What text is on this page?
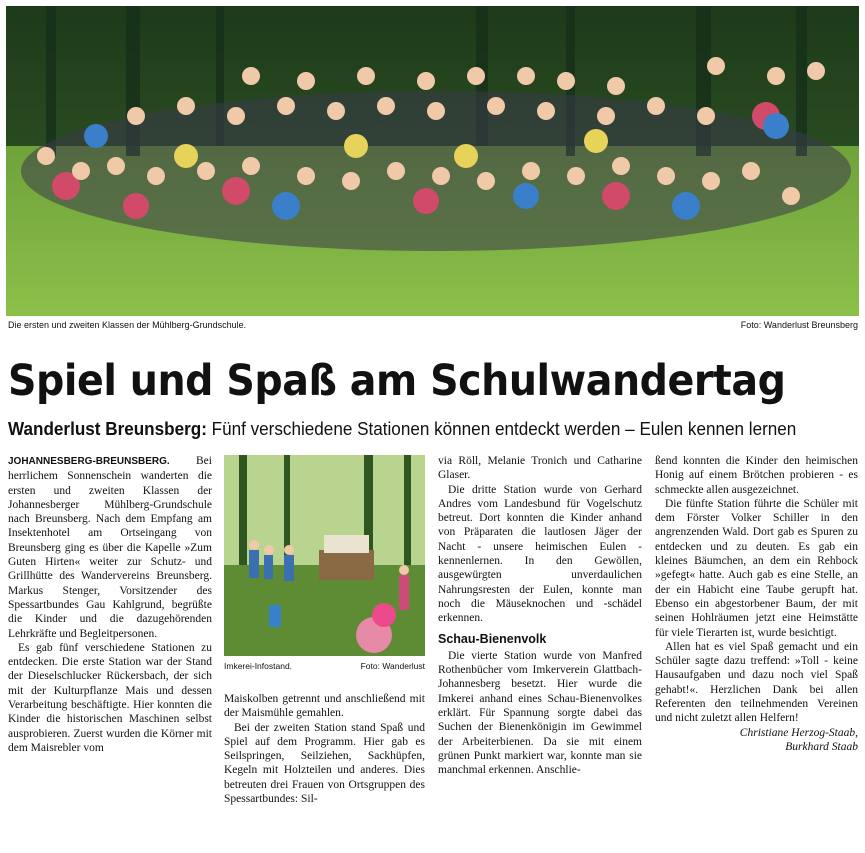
Die ersten und zweiten Klassen der Mühlberg-Grundschule.	Foto: Wanderlust Breunsberg
Spiel und Spaß am Schulwandertag
Wanderlust Breunsberg: Fünf verschiedene Stationen können entdeckt werden – Eulen kennen lernen

JOHANNESBERG-BREUNSBERG. Bei herrlichem Sonnenschein wanderten die ersten und zweiten Klassen der Johannesberger Mühlberg-Grundschule nach Breunsberg. Nach dem Empfang am Insektenhotel am Ortseingang von Breunsberg ging es über die Kapelle »Zum Guten Hirten« weiter zur Schutz- und Grillhütte des Wandervereins Breunsberg. Markus Stenger, Vorsitzender des Spessartbundes Gau Kahlgrund, begrüßte die Kinder und die dazugehörenden Lehrkräfte und Begleitpersonen.

Es gab fünf verschiedene Stationen zu entdecken. Die erste Station war der Stand der Dieselschlucker Rückersbach, der sich mit der Kulturpflanze Mais und dessen Verarbeitung beschäftigte. Hier konnten die Kinder die historischen Maschinen selbst ausprobieren. Zuerst wurden die Körner mit dem Maisrebler vom

Imkerei-Infostand.	Foto: Wanderlust

Maiskolben getrennt und anschließend mit der Maismühle gemahlen.

Bei der zweiten Station stand Spaß und Spiel auf dem Programm. Hier gab es Seilspringen, Seilziehen, Sackhüpfen, Kegeln mit Holzteilen und anderes. Dies betreuten drei Frauen von Ortsgruppen des Spessartbundes: Sil-

via Röll, Melanie Tronich und Catharine Glaser.

Die dritte Station wurde von Gerhard Andres vom Landesbund für Vogelschutz betreut. Dort konnten die Kinder anhand von Präparaten die lautlosen Jäger der Nacht - unsere heimischen Eulen - kennenlernen. In den Gewöllen, ausgewürgten unverdaulichen Nahrungsresten der Eulen, konnte man noch die Mäuseknochen und -schädel erkennen.

Schau-Bienenvolk

Die vierte Station wurde von Manfred Rothenbücher vom Imkerverein Glattbach-Johannesberg besetzt. Hier wurde die Imkerei anhand eines Schau-Bienenvolkes erklärt. Für Spannung sorgte dabei das Suchen der Bienenkönigin im Gewimmel der Arbeiterbienen. Da sie mit einem grünen Punkt markiert war, konnte man sie manchmal erkennen. Anschlie-

ßend konnten die Kinder den heimischen Honig auf einem Brötchen probieren - es schmeckte allen ausgezeichnet.

Die fünfte Station führte die Schüler mit dem Förster Volker Schiller in den angrenzenden Wald. Dort gab es Spuren zu entdecken und zu deuten. Es gab ein kleines Bäumchen, an dem ein Rehbock »gefegt« hatte. Auch gab es eine Stelle, an der ein Habicht eine Taube gerupft hat. Ebenso ein abgestorbener Baum, der mit seinen Hohlräumen jetzt eine Heimstätte für viele Tierarten ist, wurde besichtigt.

Allen hat es viel Spaß gemacht und ein Schüler sagte dazu treffend: »Toll - keine Hausaufgaben und dazu noch viel Spaß gehabt!«. Herzlichen Dank bei allen Referenten den teilnehmenden Vereinen und nicht zuletzt allen Helfern!

Christiane Herzog-Staab,

Burkhard Staab
